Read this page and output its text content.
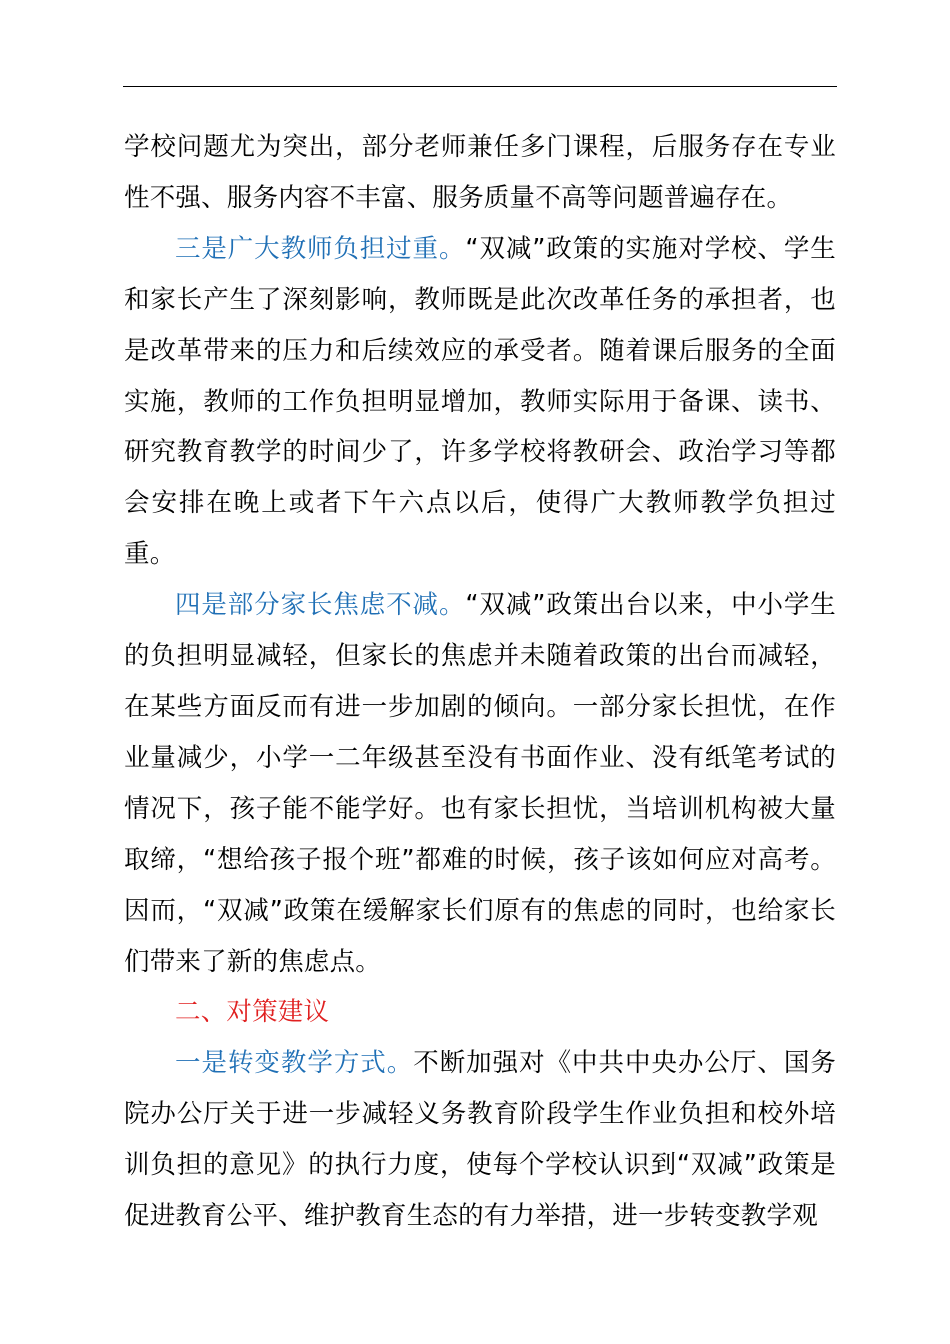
学校问题尤为突出，部分老师兼任多门课程，后服务存在专业性不强、服务内容不丰富、服务质量不高等问题普遍存在。

三是广大教师负担过重。“双减”政策的实施对学校、学生和家长产生了深刻影响，教师既是此次改革任务的承担者，也是改革带来的压力和后续效应的承受者。随着课后服务的全面实施，教师的工作负担明显增加，教师实际用于备课、读书、研究教育教学的时间少了，许多学校将教研会、政治学习等都会安排在晚上或者下午六点以后，使得广大教师教学负担过重。

四是部分家长焦虑不减。“双减”政策出台以来，中小学生的负担明显减轻，但家长的焦虑并未随着政策的出台而减轻，在某些方面反而有进一步加剧的倾向。一部分家长担忧，在作业量减少，小学一二年级甚至没有书面作业、没有纸笔考试的情况下，孩子能不能学好。也有家长担忧，当培训机构被大量取缔，“想给孩子报个班”都难的时候，孩子该如何应对高考。因而，“双减”政策在缓解家长们原有的焦虑的同时，也给家长们带来了新的焦虑点。

二、对策建议

一是转变教学方式。不断加强对《中共中央办公厅、国务院办公厅关于进一步减轻义务教育阶段学生作业负担和校外培训负担的意见》的执行力度，使每个学校认识到“双减”政策是促进教育公平、维护教育生态的有力举措，进一步转变教学观
